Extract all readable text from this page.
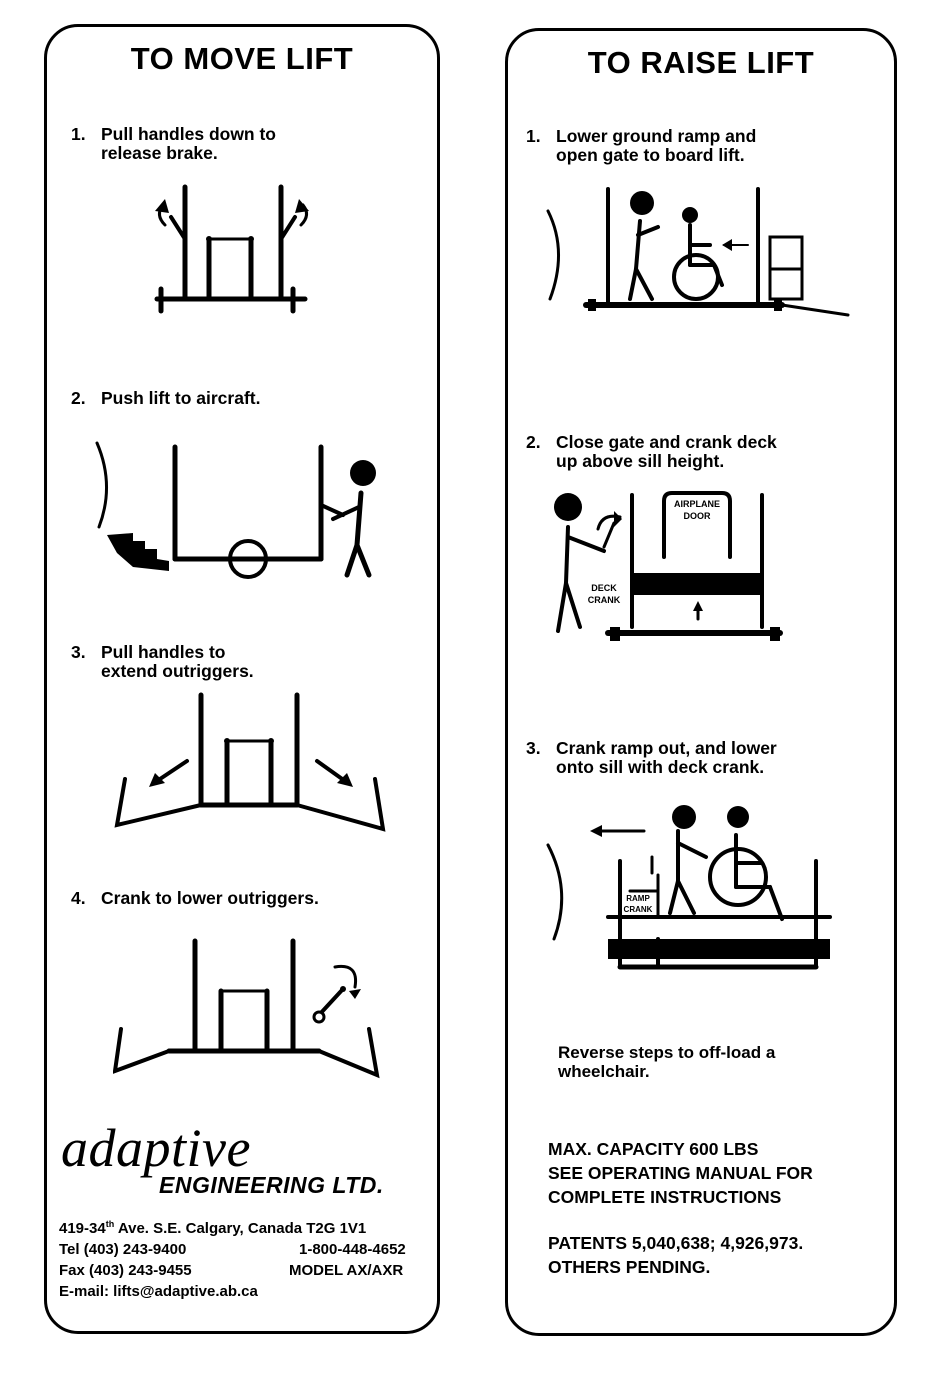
TO MOVE LIFT
1. Pull handles down to
release brake.
2. Push lift to aircraft.
3. Pull handles to
extend outriggers.
4. Crank to lower outriggers.
adaptive
ENGINEERING LTD.
419-34th Ave. S.E. Calgary, Canada T2G 1V1
Tel (403) 243-9400	1-800-448-4652
Fax (403) 243-9455	MODEL AX/AXR
E-mail: lifts@adaptive.ab.ca
TO RAISE LIFT
1. Lower ground ramp and
open gate to board lift.
2. Close gate and crank deck
up above sill height.
3. Crank ramp out, and lower
onto sill with deck crank.
AIRPLANE
DOOR
DECK
CRANK
RAMP
CRANK
Reverse steps to off-load a
wheelchair.
MAX. CAPACITY 600 LBS
SEE OPERATING MANUAL FOR
COMPLETE INSTRUCTIONS
PATENTS 5,040,638; 4,926,973.
OTHERS PENDING.
